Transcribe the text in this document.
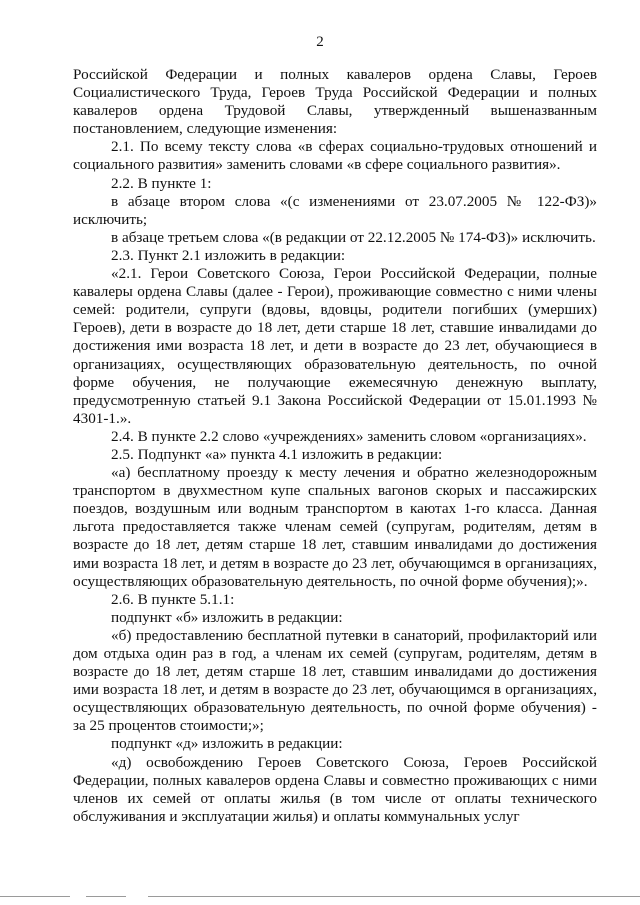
2

Российской Федерации и полных кавалеров ордена Славы, Героев Социалистического Труда, Героев Труда Российской Федерации и полных кавалеров ордена Трудовой Славы, утвержденный вышеназванным постановлением, следующие изменения:

2.1. По всему тексту слова «в сферах социально-трудовых отношений и социального развития» заменить словами «в сфере социального развития».

2.2. В пункте 1:

в абзаце втором слова «(с изменениями от 23.07.2005 № 122-ФЗ)» исключить;

в абзаце третьем слова «(в редакции от 22.12.2005 № 174-ФЗ)» исключить.

2.3. Пункт 2.1 изложить в редакции:

«2.1. Герои Советского Союза, Герои Российской Федерации, полные кавалеры ордена Славы (далее - Герои), проживающие совместно с ними члены семей: родители, супруги (вдовы, вдовцы, родители погибших (умерших) Героев), дети в возрасте до 18 лет, дети старше 18 лет, ставшие инвалидами до достижения ими возраста 18 лет, и дети в возрасте до 23 лет, обучающиеся в организациях, осуществляющих образовательную деятельность, по очной форме обучения, не получающие ежемесячную денежную выплату, предусмотренную статьей 9.1 Закона Российской Федерации от 15.01.1993 № 4301-1.».

2.4. В пункте 2.2 слово «учреждениях» заменить словом «организациях».

2.5. Подпункт «а» пункта 4.1 изложить в редакции:

«а) бесплатному проезду к месту лечения и обратно железнодорожным транспортом в двухместном купе спальных вагонов скорых и пассажирских поездов, воздушным или водным транспортом в каютах 1-го класса. Данная льгота предоставляется также членам семей (супругам, родителям, детям в возрасте до 18 лет, детям старше 18 лет, ставшим инвалидами до достижения ими возраста 18 лет, и детям в возрасте до 23 лет, обучающимся в организациях, осуществляющих образовательную деятельность, по очной форме обучения);».

2.6. В пункте 5.1.1:

подпункт «б» изложить в редакции:

«б) предоставлению бесплатной путевки в санаторий, профилакторий или дом отдыха один раз в год, а членам их семей (супругам, родителям, детям в возрасте до 18 лет, детям старше 18 лет, ставшим инвалидами до достижения ими возраста 18 лет, и детям в возрасте до 23 лет, обучающимся в организациях, осуществляющих образовательную деятельность, по очной форме обучения) - за 25 процентов стоимости;»;

подпункт «д» изложить в редакции:

«д) освобождению Героев Советского Союза, Героев Российской Федерации, полных кавалеров ордена Славы и совместно проживающих с ними членов их семей от оплаты жилья (в том числе от оплаты технического обслуживания и эксплуатации жилья) и оплаты коммунальных услуг
